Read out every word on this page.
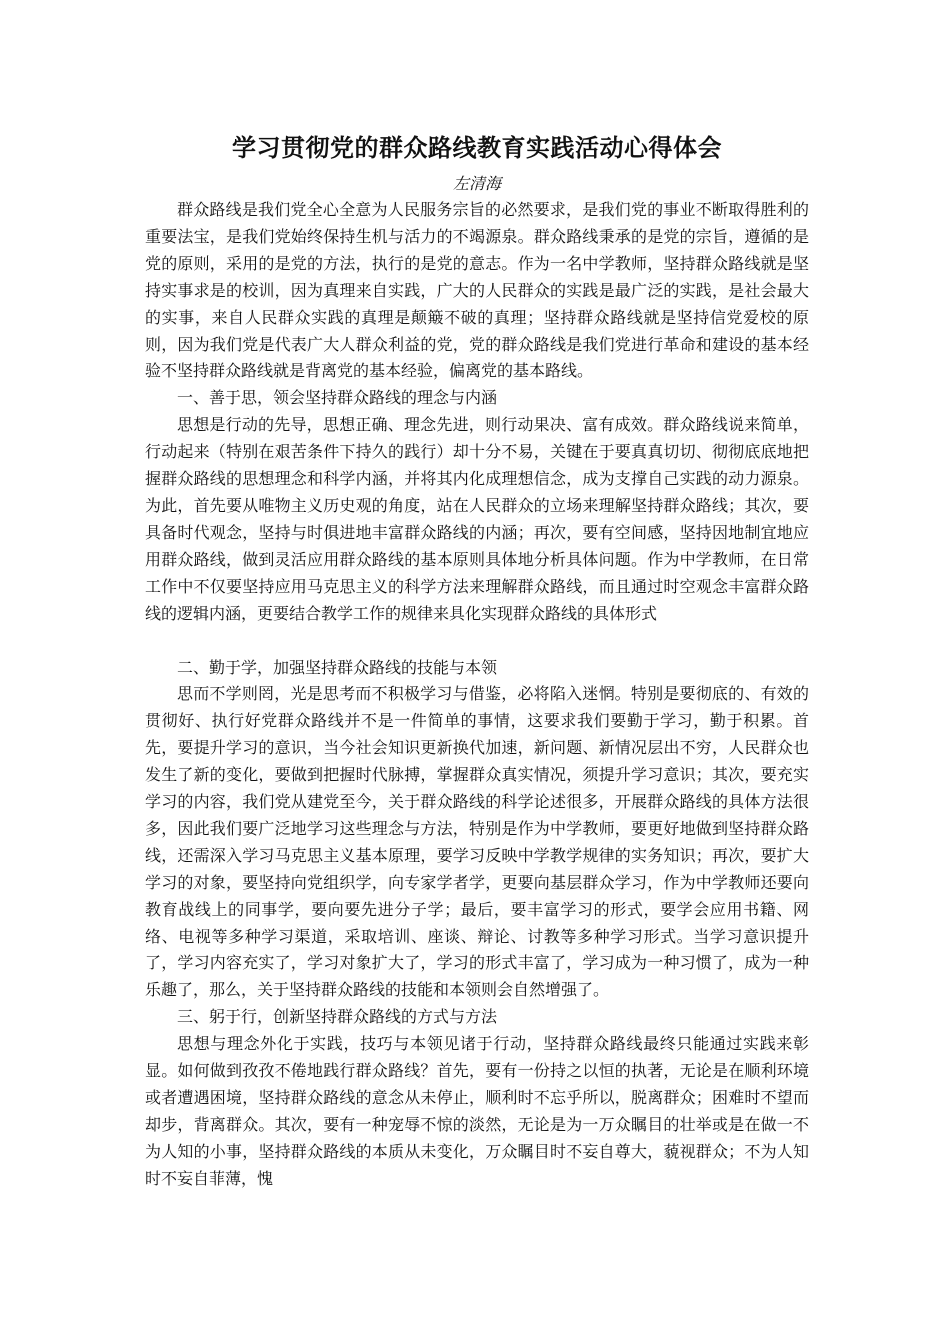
学习贯彻党的群众路线教育实践活动心得体会
左清海

群众路线是我们党全心全意为人民服务宗旨的必然要求，是我们党的事业不断取得胜利的重要法宝，是我们党始终保持生机与活力的不竭源泉。群众路线秉承的是党的宗旨，遵循的是党的原则，采用的是党的方法，执行的是党的意志。作为一名中学教师，坚持群众路线就是坚持实事求是的校训，因为真理来自实践，广大的人民群众的实践是最广泛的实践，是社会最大的实事，来自人民群众实践的真理是颠簸不破的真理；坚持群众路线就是坚持信党爱校的原则，因为我们党是代表广大人群众利益的党，党的群众路线是我们党进行革命和建设的基本经验不坚持群众路线就是背离党的基本经验，偏离党的基本路线。

一、善于思，领会坚持群众路线的理念与内涵

思想是行动的先导，思想正确、理念先进，则行动果决、富有成效。群众路线说来简单，行动起来（特别在艰苦条件下持久的践行）却十分不易，关键在于要真真切切、彻彻底底地把握群众路线的思想理念和科学内涵，并将其内化成理想信念，成为支撑自己实践的动力源泉。为此，首先要从唯物主义历史观的角度，站在人民群众的立场来理解坚持群众路线；其次，要具备时代观念，坚持与时俱进地丰富群众路线的内涵；再次，要有空间感，坚持因地制宜地应用群众路线，做到灵活应用群众路线的基本原则具体地分析具体问题。作为中学教师，在日常工作中不仅要坚持应用马克思主义的科学方法来理解群众路线，而且通过时空观念丰富群众路线的逻辑内涵，更要结合教学工作的规律来具化实现群众路线的具体形式

二、勤于学，加强坚持群众路线的技能与本领

思而不学则罔，光是思考而不积极学习与借鉴，必将陷入迷惘。特别是要彻底的、有效的贯彻好、执行好党群众路线并不是一件简单的事情，这要求我们要勤于学习，勤于积累。首先，要提升学习的意识，当今社会知识更新换代加速，新问题、新情况层出不穷，人民群众也发生了新的变化，要做到把握时代脉搏，掌握群众真实情况，须提升学习意识；其次，要充实学习的内容，我们党从建党至今，关于群众路线的科学论述很多，开展群众路线的具体方法很多，因此我们要广泛地学习这些理念与方法，特别是作为中学教师，要更好地做到坚持群众路线，还需深入学习马克思主义基本原理，要学习反映中学教学规律的实务知识；再次，要扩大学习的对象，要坚持向党组织学，向专家学者学，更要向基层群众学习，作为中学教师还要向教育战线上的同事学，要向要先进分子学；最后，要丰富学习的形式，要学会应用书籍、网络、电视等多种学习渠道，采取培训、座谈、辩论、讨教等多种学习形式。当学习意识提升了，学习内容充实了，学习对象扩大了，学习的形式丰富了，学习成为一种习惯了，成为一种乐趣了，那么，关于坚持群众路线的技能和本领则会自然增强了。

三、躬于行，创新坚持群众路线的方式与方法

思想与理念外化于实践，技巧与本领见诸于行动，坚持群众路线最终只能通过实践来彰显。如何做到孜孜不倦地践行群众路线？首先，要有一份持之以恒的执著，无论是在顺利环境或者遭遇困境，坚持群众路线的意念从未停止，顺利时不忘乎所以，脱离群众；困难时不望而却步，背离群众。其次，要有一种宠辱不惊的淡然，无论是为一万众瞩目的壮举或是在做一不为人知的小事，坚持群众路线的本质从未变化，万众瞩目时不妄自尊大，藐视群众；不为人知时不妄自菲薄，愧
